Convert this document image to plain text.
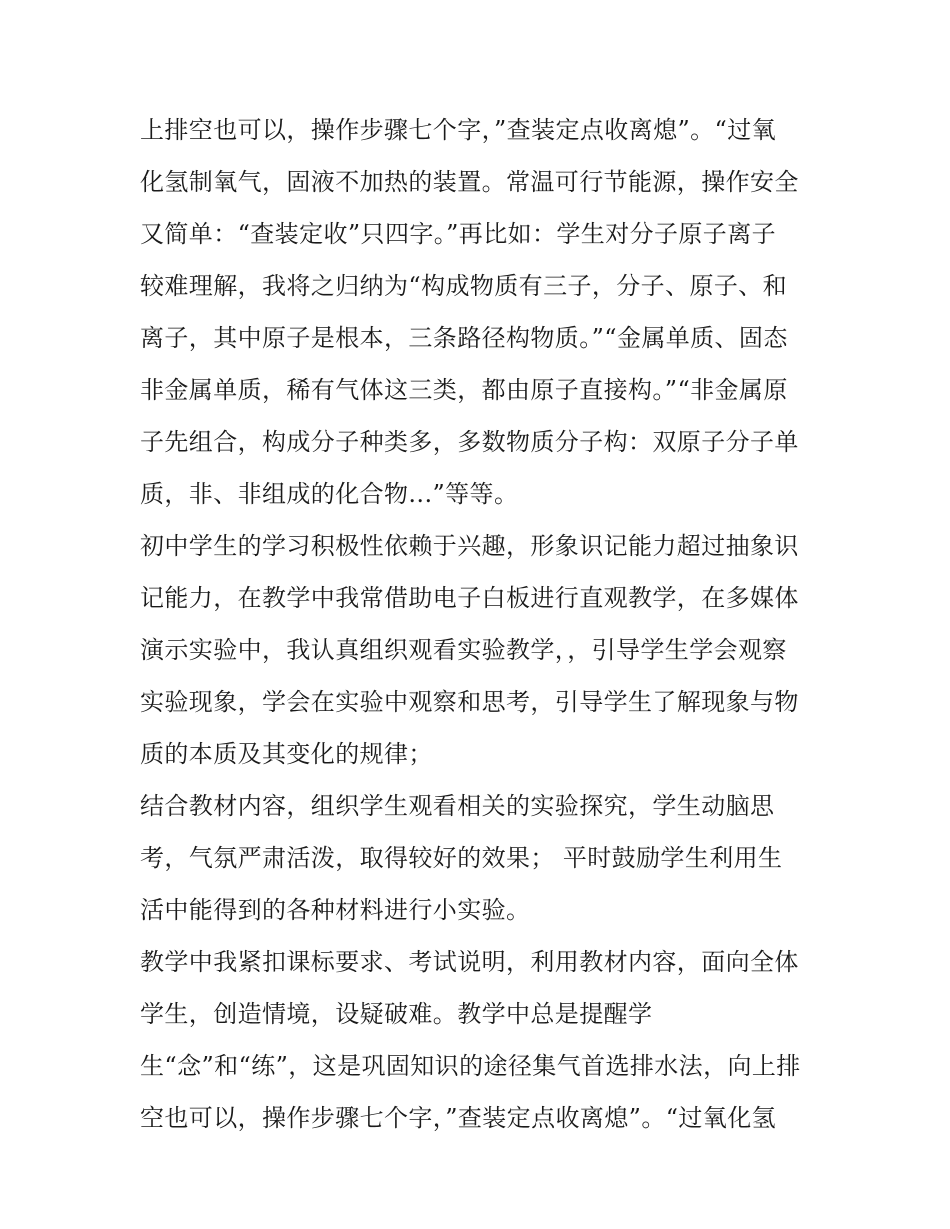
上排空也可以，操作步骤七个字，”查装定点收离熄”。“过氧
化氢制氧气，固液不加热的装置。常温可行节能源，操作安全
又简单：“查装定收”只四字。”再比如：学生对分子原子离子
较难理解，我将之归纳为“构成物质有三子，分子、原子、和
离子，其中原子是根本，三条路径构物质。”“金属单质、固态
非金属单质，稀有气体这三类，都由原子直接构。”“非金属原
子先组合，构成分子种类多，多数物质分子构：双原子分子单
质，非、非组成的化合物...”等等。
初中学生的学习积极性依赖于兴趣，形象识记能力超过抽象识
记能力，在教学中我常借助电子白板进行直观教学，在多媒体
演示实验中，我认真组织观看实验教学，，引导学生学会观察
实验现象，学会在实验中观察和思考，引导学生了解现象与物
质的本质及其变化的规律；
结合教材内容，组织学生观看相关的实验探究，学生动脑思
考，气氛严肃活泼，取得较好的效果； 平时鼓励学生利用生
活中能得到的各种材料进行小实验。
教学中我紧扣课标要求、考试说明，利用教材内容，面向全体
学生，创造情境，设疑破难。教学中总是提醒学
生“念”和“练”，这是巩固知识的途径集气首选排水法，向上排
空也可以，操作步骤七个字，”查装定点收离熄”。“过氧化氢
